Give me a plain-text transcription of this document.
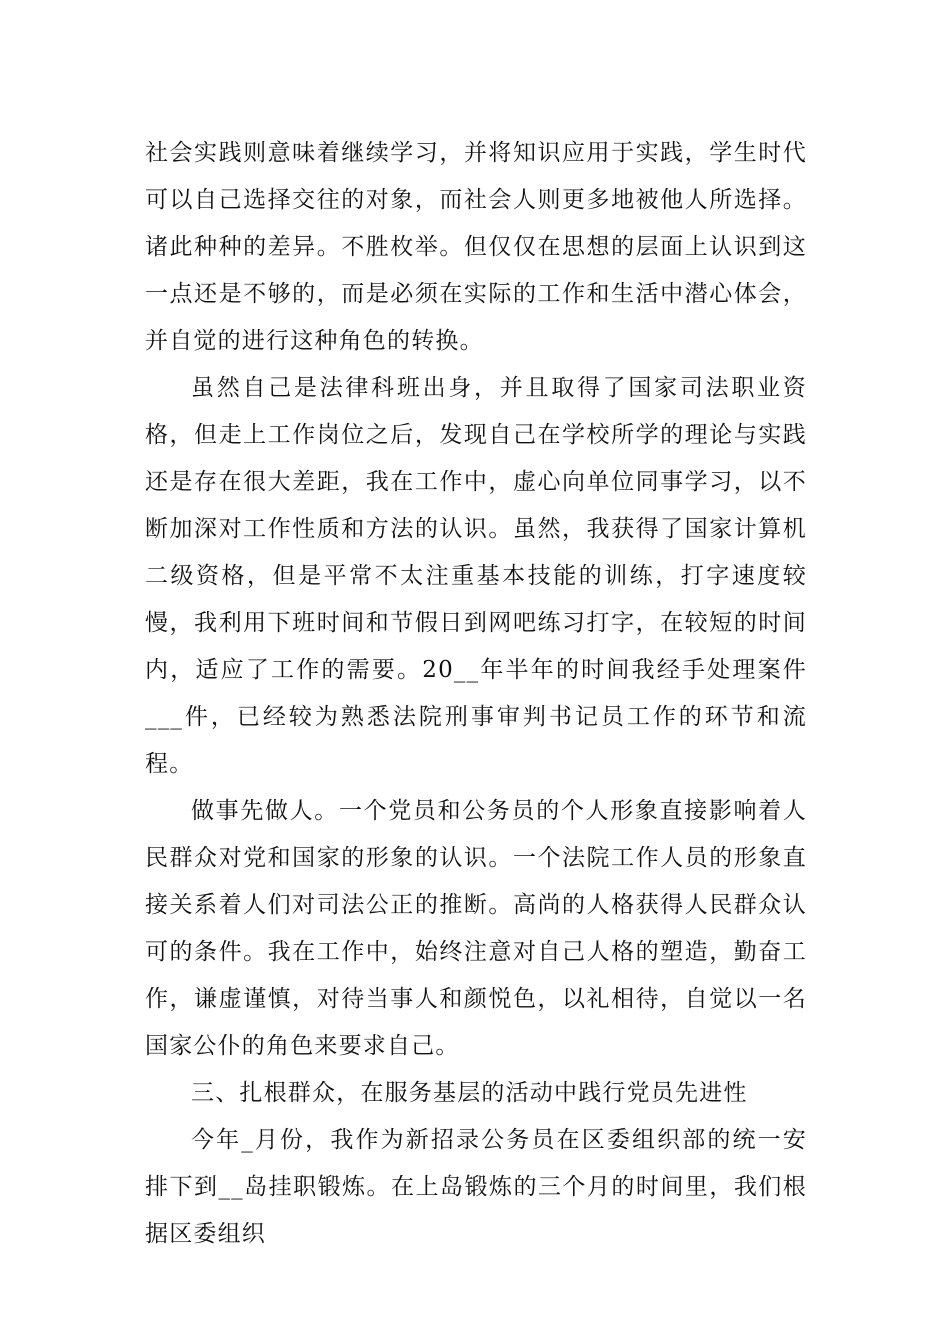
社会实践则意味着继续学习，并将知识应用于实践，学生时代可以自己选择交往的对象，而社会人则更多地被他人所选择。诸此种种的差异。不胜枚举。但仅仅在思想的层面上认识到这一点还是不够的，而是必须在实际的工作和生活中潜心体会，并自觉的进行这种角色的转换。

虽然自己是法律科班出身，并且取得了国家司法职业资格，但走上工作岗位之后，发现自己在学校所学的理论与实践还是存在很大差距，我在工作中，虚心向单位同事学习，以不断加深对工作性质和方法的认识。虽然，我获得了国家计算机二级资格，但是平常不太注重基本技能的训练，打字速度较慢，我利用下班时间和节假日到网吧练习打字，在较短的时间内，适应了工作的需要。20__年半年的时间我经手处理案件___件，已经较为熟悉法院刑事审判书记员工作的环节和流程。

做事先做人。一个党员和公务员的个人形象直接影响着人民群众对党和国家的形象的认识。一个法院工作人员的形象直接关系着人们对司法公正的推断。高尚的人格获得人民群众认可的条件。我在工作中，始终注意对自己人格的塑造，勤奋工作，谦虚谨慎，对待当事人和颜悦色，以礼相待，自觉以一名国家公仆的角色来要求自己。

三、扎根群众，在服务基层的活动中践行党员先进性

今年_月份，我作为新招录公务员在区委组织部的统一安排下到__岛挂职锻炼。在上岛锻炼的三个月的时间里，我们根据区委组织
